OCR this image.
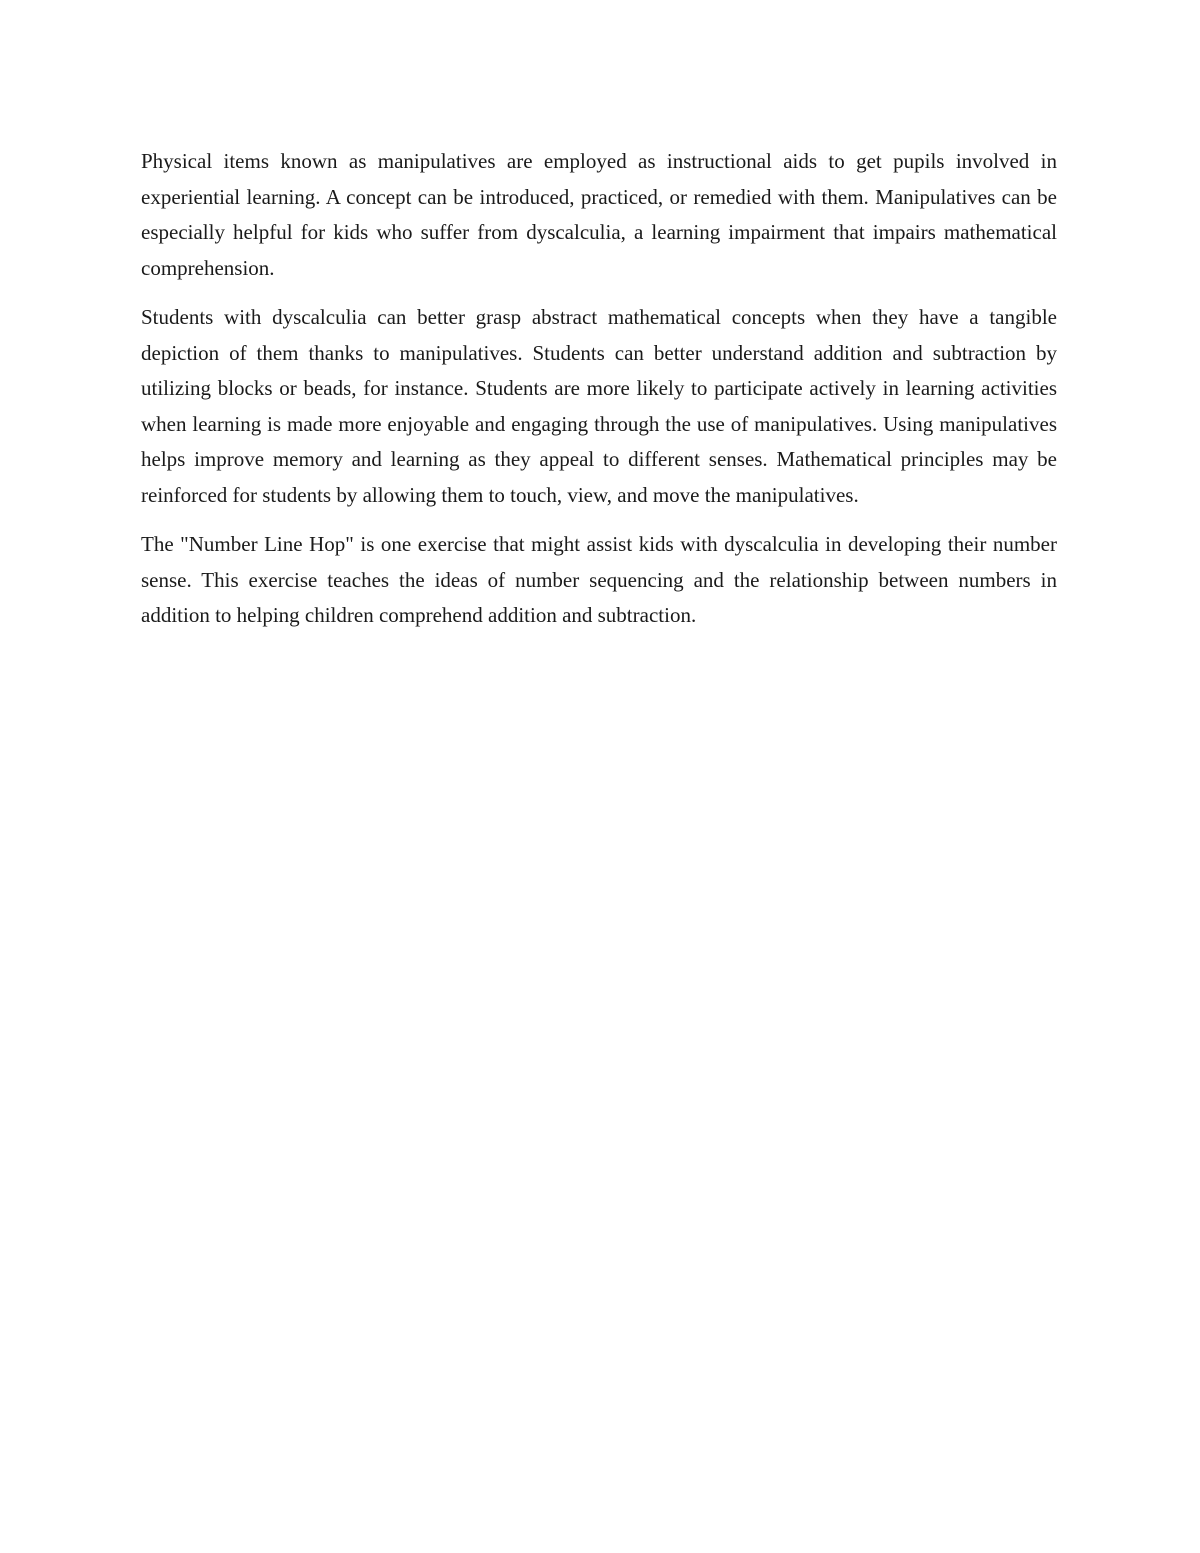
Physical items known as manipulatives are employed as instructional aids to get pupils involved in experiential learning. A concept can be introduced, practiced, or remedied with them. Manipulatives can be especially helpful for kids who suffer from dyscalculia, a learning impairment that impairs mathematical comprehension.

Students with dyscalculia can better grasp abstract mathematical concepts when they have a tangible depiction of them thanks to manipulatives. Students can better understand addition and subtraction by utilizing blocks or beads, for instance. Students are more likely to participate actively in learning activities when learning is made more enjoyable and engaging through the use of manipulatives. Using manipulatives helps improve memory and learning as they appeal to different senses. Mathematical principles may be reinforced for students by allowing them to touch, view, and move the manipulatives.

The "Number Line Hop" is one exercise that might assist kids with dyscalculia in developing their number sense. This exercise teaches the ideas of number sequencing and the relationship between numbers in addition to helping children comprehend addition and subtraction.
